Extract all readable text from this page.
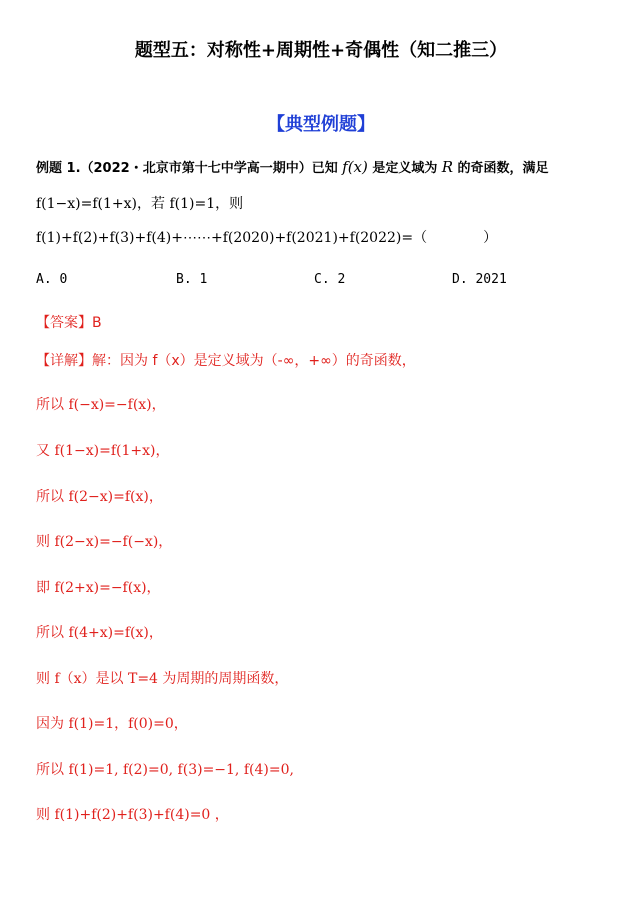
题型五：对称性+周期性+奇偶性（知二推三）
【典型例题】
例题 1.（2022・北京市第十七中学高一期中）已知 f(x) 是定义域为 R 的奇函数，满足
f(1−x)=f(1+x)，若 f(1)=1，则
f(1)+f(2)+f(3)+f(4)+⋯⋯+f(2020)+f(2021)+f(2022)=（	）
A. 0	B. 1	C. 2	D. 2021
【答案】B
【详解】解：因为 f（x）是定义域为（-∞，+∞）的奇函数，
所以 f(−x)=−f(x)，
又 f(1−x)=f(1+x)，
所以 f(2−x)=f(x)，
则 f(2−x)=−f(−x)，
即 f(2+x)=−f(x)，
所以 f(4+x)=f(x)，
则 f（x）是以 T=4 为周期的周期函数，
因为 f(1)=1，f(0)=0，
所以 f(1)=1, f(2)=0, f(3)=−1, f(4)=0,
则 f(1)+f(2)+f(3)+f(4)=0 ，
